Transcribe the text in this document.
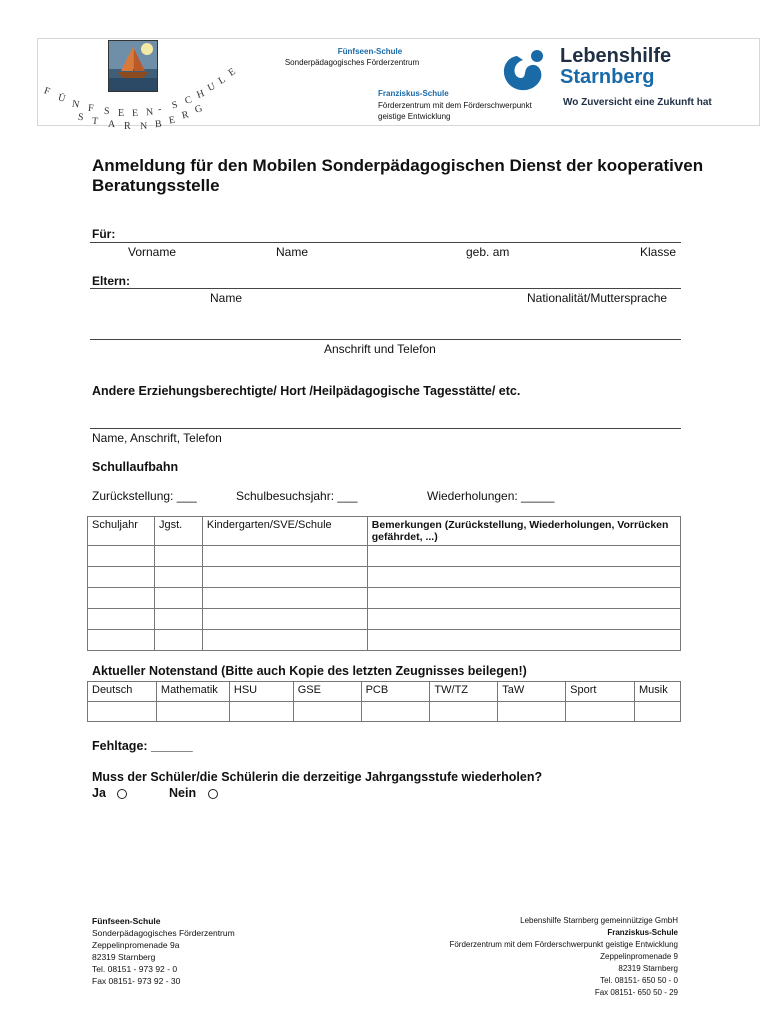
F
Ü N F S E E N - S C H
U
L
E
S T A R N B E R G
Fünfseen-Schule
Sonderpädagogisches Förderzentrum
Franziskus-Schule
Förderzentrum mit dem Förderschwerpunkt
geistige Entwicklung
Lebenshilfe
Starnberg
Wo Zuversicht eine Zukunft hat
Anmeldung für den Mobilen Sonderpädagogischen Dienst der kooperativen Beratungsstelle
Für:
Vorname	Name	geb. am	Klasse
Eltern:
Name	Nationalität/Muttersprache
Anschrift und Telefon
Andere Erziehungsberechtigte/ Hort /Heilpädagogische Tagesstätte/ etc.
Name, Anschrift, Telefon
Schullaufbahn
Zurückstellung: ___	Schulbesuchsjahr: ___	Wiederholungen: _____
Schuljahr	Jgst.	Kindergarten/SVE/Schule	Bemerkungen (Zurückstellung, Wiederholungen, Vorrücken gefährdet, ...)

Aktueller Notenstand (Bitte auch Kopie des letzten Zeugnisses beilegen!)
Deutsch	Mathematik	HSU	GSE	PCB	TW/TZ	TaW	Sport	Musik

Fehltage: ______
Muss der Schüler/die Schülerin die derzeitige Jahrgangsstufe wiederholen?
Ja	Nein
Fünfseen-Schule
Sonderpädagogisches Förderzentrum
Zeppelinpromenade 9a
82319 Starnberg
Tel. 08151 - 973 92 - 0
Fax 08151- 973 92 - 30
Lebenshilfe Starnberg gemeinnützige GmbH
Franziskus-Schule
Förderzentrum mit dem Förderschwerpunkt geistige Entwicklung
Zeppelinpromenade 9
82319 Starnberg
Tel. 08151- 650 50 - 0
Fax 08151- 650 50 - 29
